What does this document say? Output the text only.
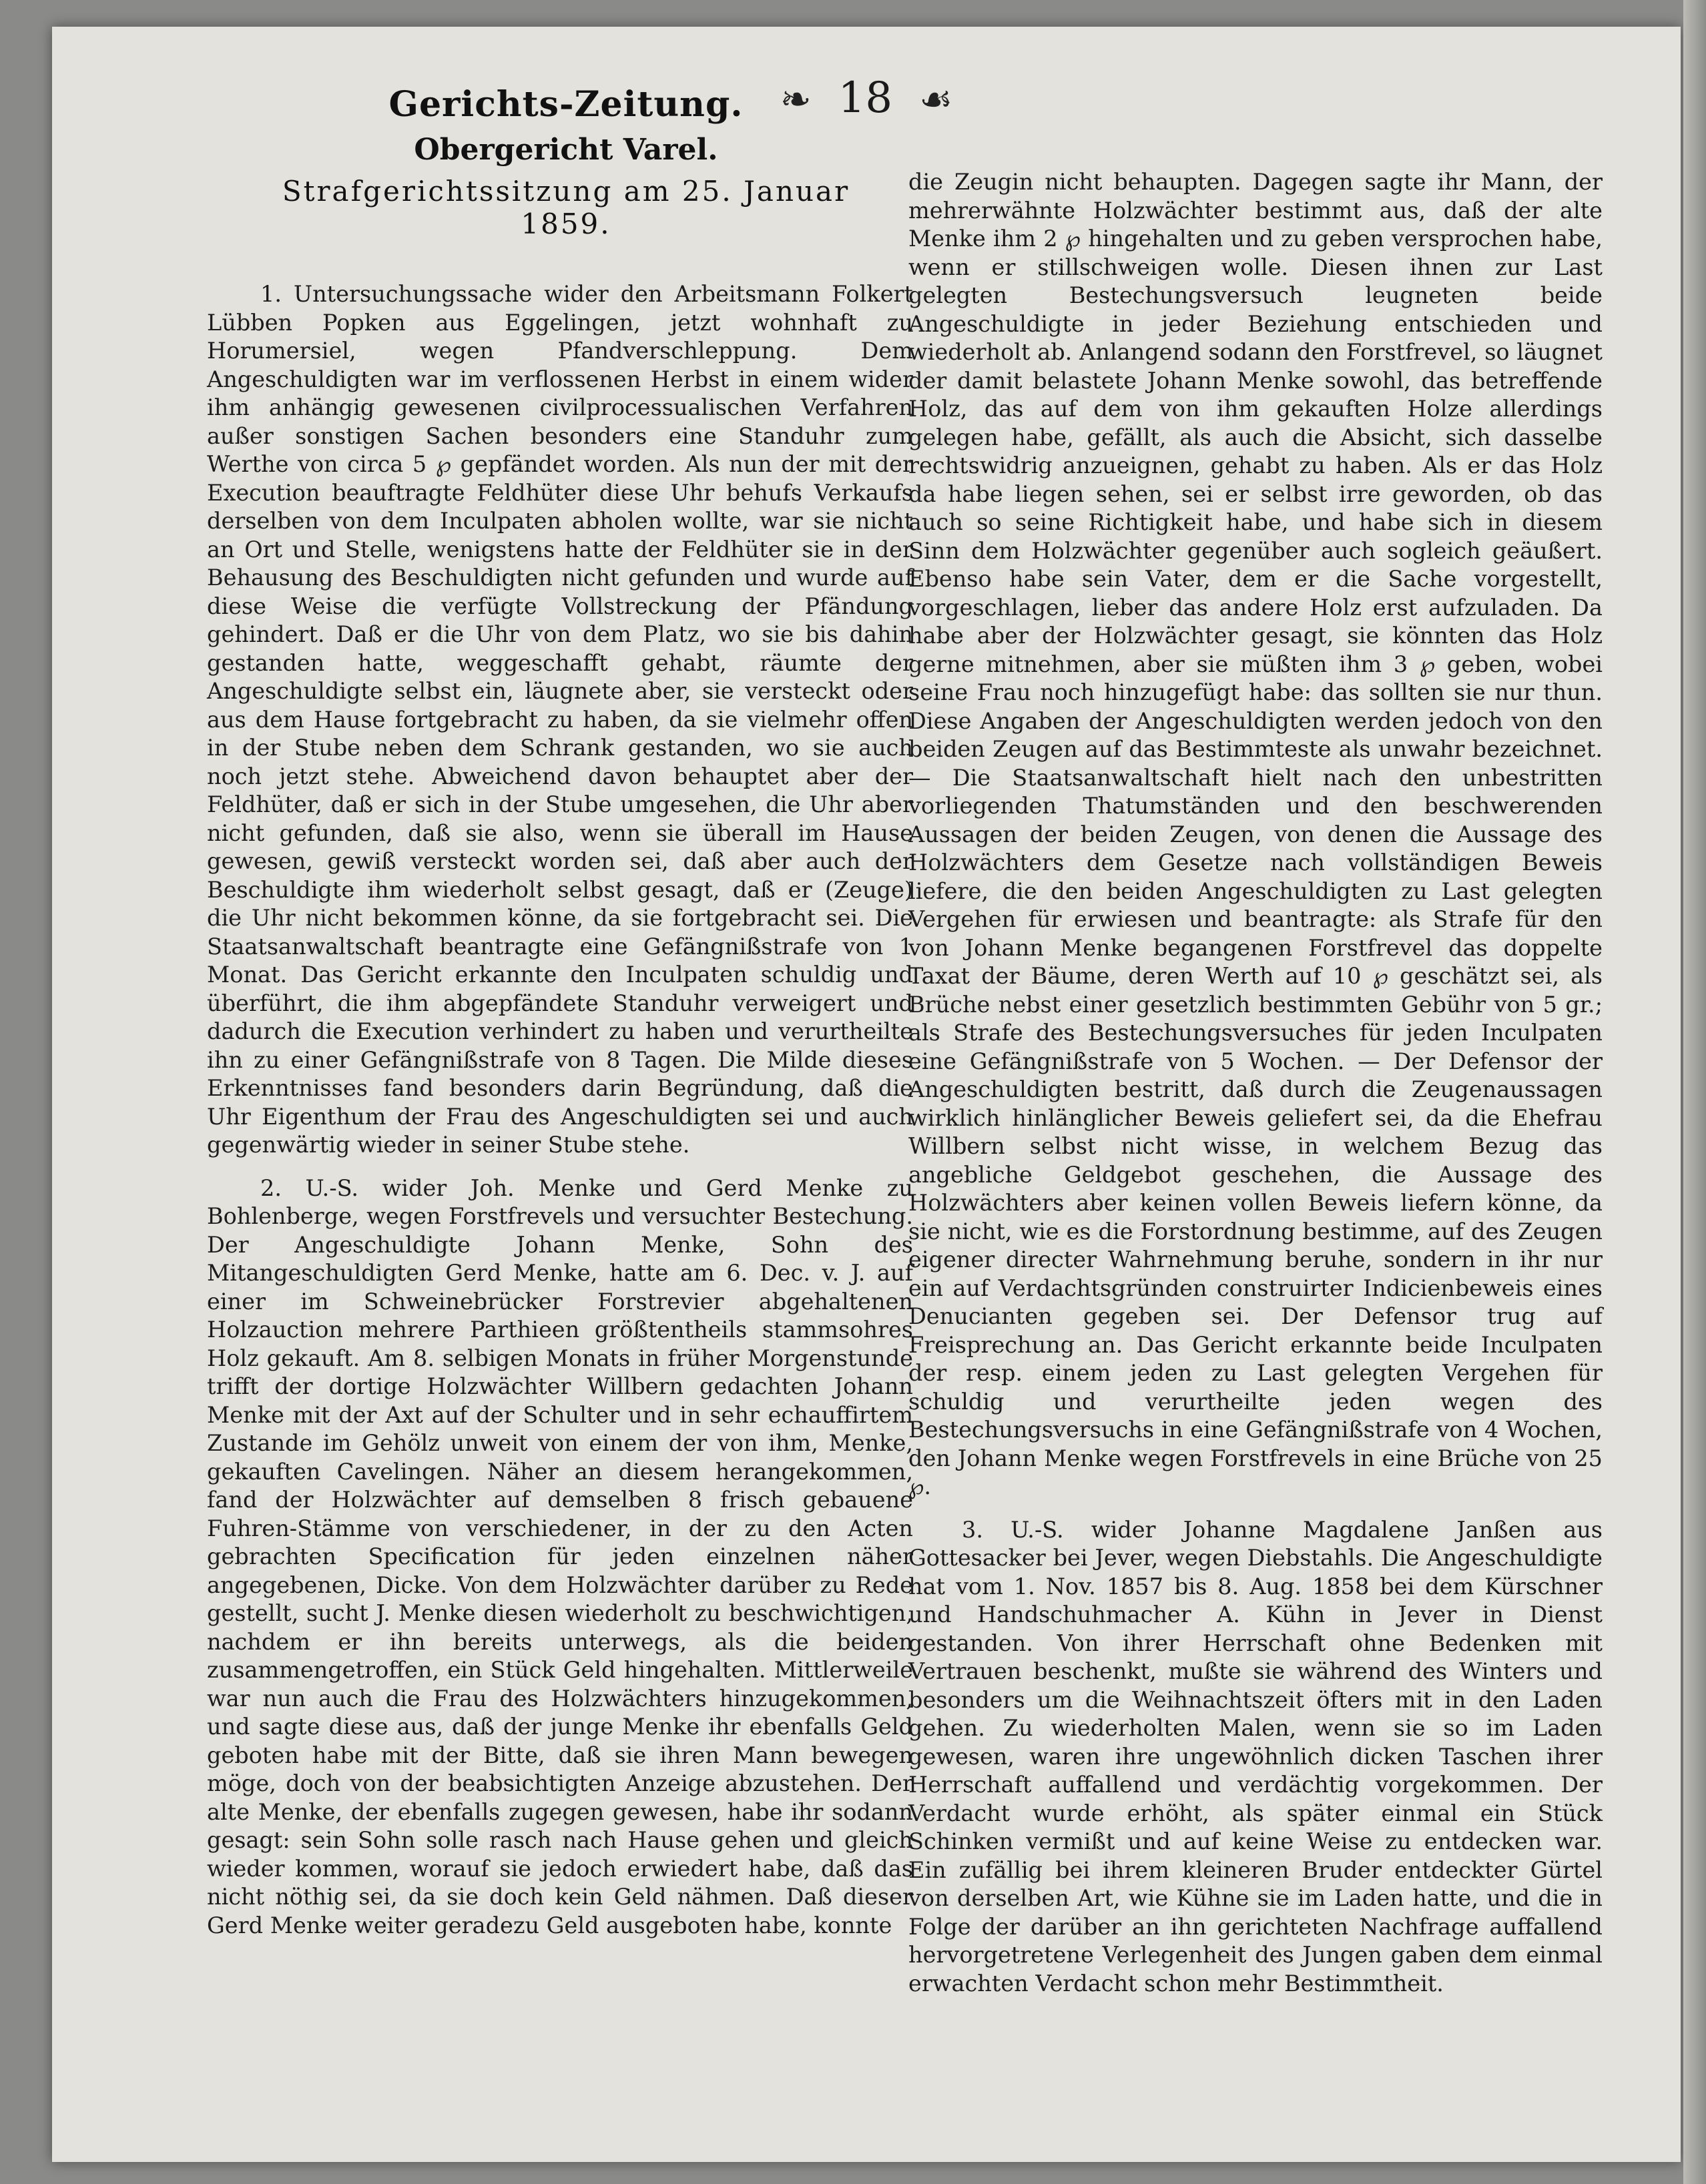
❧ 18 ☙
Gerichts-Zeitung.
Obergericht Varel.
Strafgerichtssitzung am 25. Januar 1859.

1. Untersuchungssache wider den Arbeitsmann Folkert Lübben Popken aus Eggelingen, jetzt wohnhaft zu Horumersiel, wegen Pfandverschleppung. Dem Angeschuldigten war im verflossenen Herbst in einem wider ihm anhängig gewesenen civilprocessualischen Verfahren außer sonstigen Sachen besonders eine Standuhr zum Werthe von circa 5 ℘ gepfändet worden. Als nun der mit der Execution beauftragte Feldhüter diese Uhr behufs Verkaufs derselben von dem Inculpaten abholen wollte, war sie nicht an Ort und Stelle, wenigstens hatte der Feldhüter sie in der Behausung des Beschuldigten nicht gefunden und wurde auf diese Weise die verfügte Vollstreckung der Pfändung gehindert. Daß er die Uhr von dem Platz, wo sie bis dahin gestanden hatte, weggeschafft gehabt, räumte der Angeschuldigte selbst ein, läugnete aber, sie versteckt oder aus dem Hause fortgebracht zu haben, da sie vielmehr offen in der Stube neben dem Schrank gestanden, wo sie auch noch jetzt stehe. Abweichend davon behauptet aber der Feldhüter, daß er sich in der Stube umgesehen, die Uhr aber nicht gefunden, daß sie also, wenn sie überall im Hause gewesen, gewiß versteckt worden sei, daß aber auch der Beschuldigte ihm wiederholt selbst gesagt, daß er (Zeuge) die Uhr nicht bekommen könne, da sie fortgebracht sei. Die Staatsanwaltschaft beantragte eine Gefängnißstrafe von 1 Monat. Das Gericht erkannte den Inculpaten schuldig und überführt, die ihm abgepfändete Standuhr verweigert und dadurch die Execution verhindert zu haben und verurtheilte ihn zu einer Gefängnißstrafe von 8 Tagen. Die Milde dieses Erkenntnisses fand besonders darin Begründung, daß die Uhr Eigenthum der Frau des Angeschuldigten sei und auch gegenwärtig wieder in seiner Stube stehe.

2. U.-S. wider Joh. Menke und Gerd Menke zu Bohlenberge, wegen Forstfrevels und versuchter Bestechung. Der Angeschuldigte Johann Menke, Sohn des Mitangeschuldigten Gerd Menke, hatte am 6. Dec. v. J. auf einer im Schweinebrücker Forstrevier abgehaltenen Holzauction mehrere Parthieen größtentheils stammsohres Holz gekauft. Am 8. selbigen Monats in früher Morgenstunde trifft der dortige Holzwächter Willbern gedachten Johann Menke mit der Axt auf der Schulter und in sehr echauffirtem Zustande im Gehölz unweit von einem der von ihm, Menke, gekauften Cavelingen. Näher an diesem herangekommen, fand der Holzwächter auf demselben 8 frisch gebauene Fuhren-Stämme von verschiedener, in der zu den Acten gebrachten Specification für jeden einzelnen näher angegebenen, Dicke. Von dem Holzwächter darüber zu Rede gestellt, sucht J. Menke diesen wiederholt zu beschwichtigen, nachdem er ihn bereits unterwegs, als die beiden zusammengetroffen, ein Stück Geld hingehalten. Mittlerweile war nun auch die Frau des Holzwächters hinzugekommen, und sagte diese aus, daß der junge Menke ihr ebenfalls Geld geboten habe mit der Bitte, daß sie ihren Mann bewegen möge, doch von der beabsichtigten Anzeige abzustehen. Der alte Menke, der ebenfalls zugegen gewesen, habe ihr sodann gesagt: sein Sohn solle rasch nach Hause gehen und gleich wieder kommen, worauf sie jedoch erwiedert habe, daß das nicht nöthig sei, da sie doch kein Geld nähmen. Daß dieser Gerd Menke weiter geradezu Geld ausgeboten habe, konnte

die Zeugin nicht behaupten. Dagegen sagte ihr Mann, der mehrerwähnte Holzwächter bestimmt aus, daß der alte Menke ihm 2 ℘ hingehalten und zu geben versprochen habe, wenn er stillschweigen wolle. Diesen ihnen zur Last gelegten Bestechungsversuch leugneten beide Angeschuldigte in jeder Beziehung entschieden und wiederholt ab. Anlangend sodann den Forstfrevel, so läugnet der damit belastete Johann Menke sowohl, das betreffende Holz, das auf dem von ihm gekauften Holze allerdings gelegen habe, gefällt, als auch die Absicht, sich dasselbe rechtswidrig anzueignen, gehabt zu haben. Als er das Holz da habe liegen sehen, sei er selbst irre geworden, ob das auch so seine Richtigkeit habe, und habe sich in diesem Sinn dem Holzwächter gegenüber auch sogleich geäußert. Ebenso habe sein Vater, dem er die Sache vorgestellt, vorgeschlagen, lieber das andere Holz erst aufzuladen. Da habe aber der Holzwächter gesagt, sie könnten das Holz gerne mitnehmen, aber sie müßten ihm 3 ℘ geben, wobei seine Frau noch hinzugefügt habe: das sollten sie nur thun. Diese Angaben der Angeschuldigten werden jedoch von den beiden Zeugen auf das Bestimmteste als unwahr bezeichnet. — Die Staatsanwaltschaft hielt nach den unbestritten vorliegenden Thatumständen und den beschwerenden Aussagen der beiden Zeugen, von denen die Aussage des Holzwächters dem Gesetze nach vollständigen Beweis liefere, die den beiden Angeschuldigten zu Last gelegten Vergehen für erwiesen und beantragte: als Strafe für den von Johann Menke begangenen Forstfrevel das doppelte Taxat der Bäume, deren Werth auf 10 ℘ geschätzt sei, als Brüche nebst einer gesetzlich bestimmten Gebühr von 5 gr.; als Strafe des Bestechungsversuches für jeden Inculpaten eine Gefängnißstrafe von 5 Wochen. — Der Defensor der Angeschuldigten bestritt, daß durch die Zeugenaussagen wirklich hinlänglicher Beweis geliefert sei, da die Ehefrau Willbern selbst nicht wisse, in welchem Bezug das angebliche Geldgebot geschehen, die Aussage des Holzwächters aber keinen vollen Beweis liefern könne, da sie nicht, wie es die Forstordnung bestimme, auf des Zeugen eigener directer Wahrnehmung beruhe, sondern in ihr nur ein auf Verdachtsgründen construirter Indicienbeweis eines Denucianten gegeben sei. Der Defensor trug auf Freisprechung an. Das Gericht erkannte beide Inculpaten der resp. einem jeden zu Last gelegten Vergehen für schuldig und verurtheilte jeden wegen des Bestechungsversuchs in eine Gefängnißstrafe von 4 Wochen, den Johann Menke wegen Forstfrevels in eine Brüche von 25 ℘.

3. U.-S. wider Johanne Magdalene Janßen aus Gottesacker bei Jever, wegen Diebstahls. Die Angeschuldigte hat vom 1. Nov. 1857 bis 8. Aug. 1858 bei dem Kürschner und Handschuhmacher A. Kühn in Jever in Dienst gestanden. Von ihrer Herrschaft ohne Bedenken mit Vertrauen beschenkt, mußte sie während des Winters und besonders um die Weihnachtszeit öfters mit in den Laden gehen. Zu wiederholten Malen, wenn sie so im Laden gewesen, waren ihre ungewöhnlich dicken Taschen ihrer Herrschaft auffallend und verdächtig vorgekommen. Der Verdacht wurde erhöht, als später einmal ein Stück Schinken vermißt und auf keine Weise zu entdecken war. Ein zufällig bei ihrem kleineren Bruder entdeckter Gürtel von derselben Art, wie Kühne sie im Laden hatte, und die in Folge der darüber an ihn gerichteten Nachfrage auffallend hervorgetretene Verlegenheit des Jungen gaben dem einmal erwachten Verdacht schon mehr Bestimmtheit.
